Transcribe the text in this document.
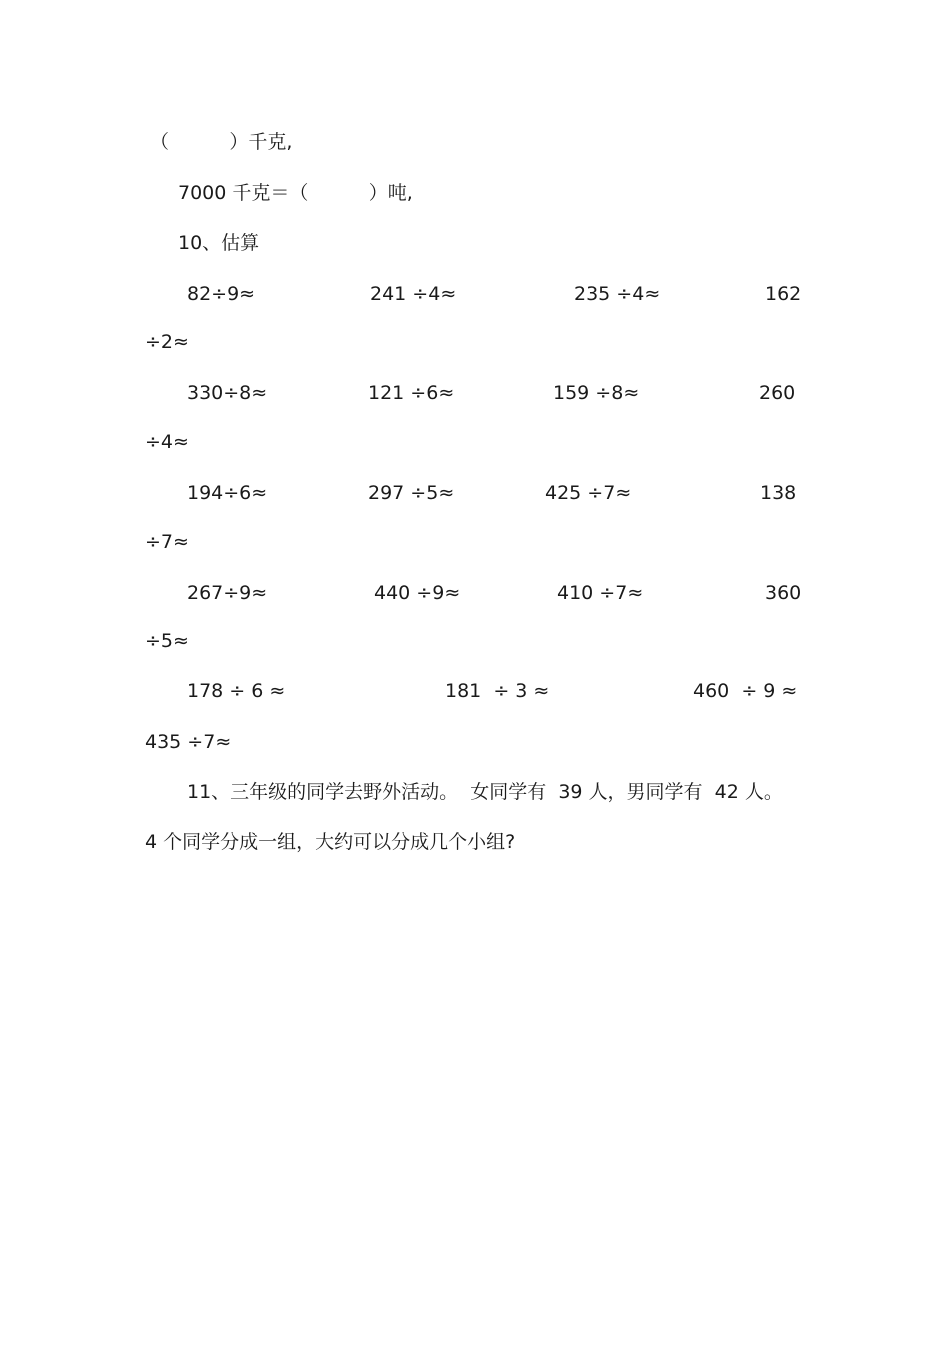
（          ）千克,
7000 千克＝（          ）吨,
10、估算
82÷9≈	241 ÷4≈	235 ÷4≈	162
÷2≈
330÷8≈	121 ÷6≈	159 ÷8≈	260
÷4≈
194÷6≈	297 ÷5≈	425 ÷7≈	138
÷7≈
267÷9≈	440 ÷9≈	410 ÷7≈	360
÷5≈
178 ÷ 6 ≈	181  ÷ 3 ≈	460  ÷ 9 ≈
435 ÷7≈
11、三年级的同学去野外活动。  女同学有  39 人，男同学有  42 人。
4 个同学分成一组，大约可以分成几个小组?
